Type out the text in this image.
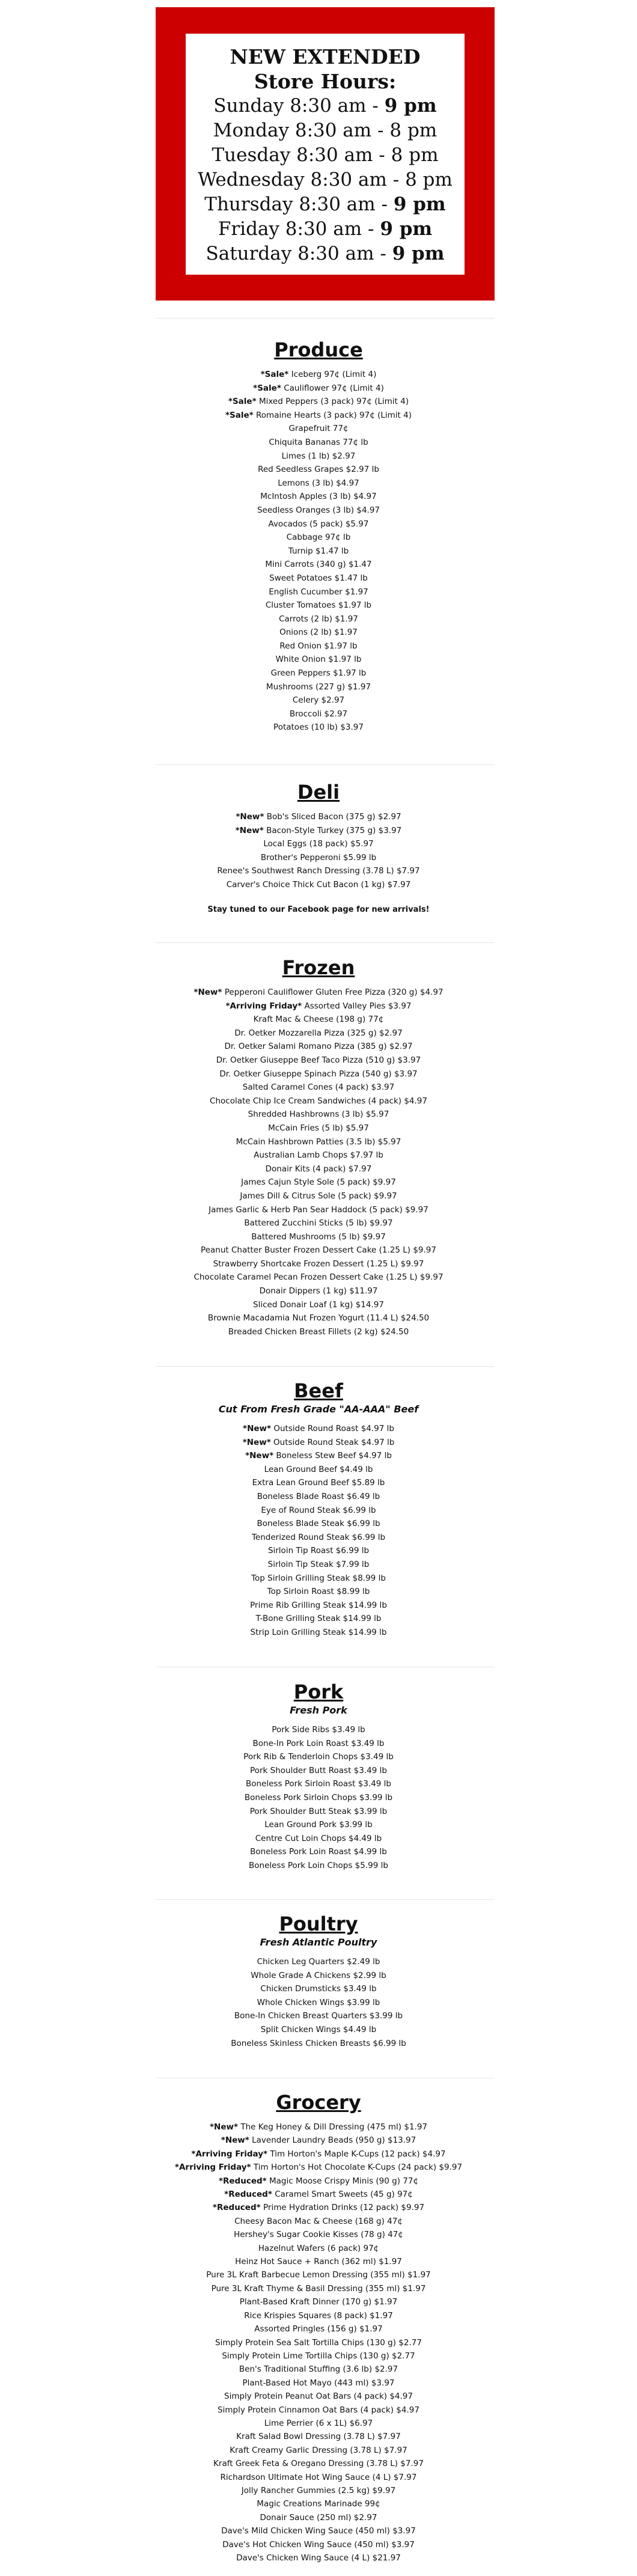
NEW EXTENDED
Store Hours:
Sunday 8:30 am - 9 pm
Monday 8:30 am - 8 pm
Tuesday 8:30 am - 8 pm
Wednesday 8:30 am - 8 pm
Thursday 8:30 am - 9 pm
Friday 8:30 am - 9 pm
Saturday 8:30 am - 9 pm
Produce
*Sale* Iceberg 97¢ (Limit 4)
*Sale* Cauliflower 97¢ (Limit 4)
*Sale* Mixed Peppers (3 pack) 97¢ (Limit 4)
*Sale* Romaine Hearts (3 pack) 97¢ (Limit 4)
Grapefruit 77¢
Chiquita Bananas 77¢ lb
Limes (1 lb) $2.97
Red Seedless Grapes $2.97 lb
Lemons (3 lb) $4.97
McIntosh Apples (3 lb) $4.97
Seedless Oranges (3 lb) $4.97
Avocados (5 pack) $5.97
Cabbage 97¢ lb
Turnip $1.47 lb
Mini Carrots (340 g) $1.47
Sweet Potatoes $1.47 lb
English Cucumber $1.97
Cluster Tomatoes $1.97 lb
Carrots (2 lb) $1.97
Onions (2 lb) $1.97
Red Onion $1.97 lb
White Onion $1.97 lb
Green Peppers $1.97 lb
Mushrooms (227 g) $1.97
Celery $2.97
Broccoli $2.97
Potatoes (10 lb) $3.97
Deli
*New* Bob's Sliced Bacon (375 g) $2.97
*New* Bacon-Style Turkey (375 g) $3.97
Local Eggs (18 pack) $5.97
Brother's Pepperoni $5.99 lb
Renee's Southwest Ranch Dressing (3.78 L) $7.97
Carver's Choice Thick Cut Bacon (1 kg) $7.97
Stay tuned to our Facebook page for new arrivals!
Frozen
*New* Pepperoni Cauliflower Gluten Free Pizza (320 g) $4.97
*Arriving Friday* Assorted Valley Pies $3.97
Kraft Mac & Cheese (198 g) 77¢
Dr. Oetker Mozzarella Pizza (325 g) $2.97
Dr. Oetker Salami Romano Pizza (385 g) $2.97
Dr. Oetker Giuseppe Beef Taco Pizza (510 g) $3.97
Dr. Oetker Giuseppe Spinach Pizza (540 g) $3.97
Salted Caramel Cones (4 pack) $3.97
Chocolate Chip Ice Cream Sandwiches (4 pack) $4.97
Shredded Hashbrowns (3 lb) $5.97
McCain Fries (5 lb) $5.97
McCain Hashbrown Patties (3.5 lb) $5.97
Australian Lamb Chops $7.97 lb
Donair Kits (4 pack) $7.97
James Cajun Style Sole (5 pack) $9.97
James Dill & Citrus Sole (5 pack) $9.97
James Garlic & Herb Pan Sear Haddock (5 pack) $9.97
Battered Zucchini Sticks (5 lb) $9.97
Battered Mushrooms (5 lb) $9.97
Peanut Chatter Buster Frozen Dessert Cake (1.25 L) $9.97
Strawberry Shortcake Frozen Dessert (1.25 L) $9.97
Chocolate Caramel Pecan Frozen Dessert Cake (1.25 L) $9.97
Donair Dippers (1 kg) $11.97
Sliced Donair Loaf (1 kg) $14.97
Brownie Macadamia Nut Frozen Yogurt (11.4 L) $24.50
Breaded Chicken Breast Fillets (2 kg) $24.50
Beef
Cut From Fresh Grade "AA-AAA" Beef
*New* Outside Round Roast $4.97 lb
*New* Outside Round Steak $4.97 lb
*New* Boneless Stew Beef $4.97 lb
Lean Ground Beef $4.49 lb
Extra Lean Ground Beef $5.89 lb
Boneless Blade Roast $6.49 lb
Eye of Round Steak $6.99 lb
Boneless Blade Steak $6.99 lb
Tenderized Round Steak $6.99 lb
Sirloin Tip Roast $6.99 lb
Sirloin Tip Steak $7.99 lb
Top Sirloin Grilling Steak $8.99 lb
Top Sirloin Roast $8.99 lb
Prime Rib Grilling Steak $14.99 lb
T-Bone Grilling Steak $14.99 lb
Strip Loin Grilling Steak $14.99 lb
Pork
Fresh Pork
Pork Side Ribs $3.49 lb
Bone-In Pork Loin Roast $3.49 lb
Pork Rib & Tenderloin Chops $3.49 lb
Pork Shoulder Butt Roast $3.49 lb
Boneless Pork Sirloin Roast $3.49 lb
Boneless Pork Sirloin Chops $3.99 lb
Pork Shoulder Butt Steak $3.99 lb
Lean Ground Pork $3.99 lb
Centre Cut Loin Chops $4.49 lb
Boneless Pork Loin Roast $4.99 lb
Boneless Pork Loin Chops $5.99 lb
Poultry
Fresh Atlantic Poultry
Chicken Leg Quarters $2.49 lb
Whole Grade A Chickens $2.99 lb
Chicken Drumsticks $3.49 lb
Whole Chicken Wings $3.99 lb
Bone-In Chicken Breast Quarters $3.99 lb
Split Chicken Wings $4.49 lb
Boneless Skinless Chicken Breasts $6.99 lb
Grocery
*New* The Keg Honey & Dill Dressing (475 ml) $1.97
*New* Lavender Laundry Beads (950 g) $13.97
*Arriving Friday* Tim Horton's Maple K-Cups (12 pack) $4.97
*Arriving Friday* Tim Horton's Hot Chocolate K-Cups (24 pack) $9.97
*Reduced* Magic Moose Crispy Minis (90 g) 77¢
*Reduced* Caramel Smart Sweets (45 g) 97¢
*Reduced* Prime Hydration Drinks (12 pack) $9.97
Cheesy Bacon Mac & Cheese (168 g) 47¢
Hershey's Sugar Cookie Kisses (78 g) 47¢
Hazelnut Wafers (6 pack) 97¢
Heinz Hot Sauce + Ranch (362 ml) $1.97
Pure 3L Kraft Barbecue Lemon Dressing (355 ml) $1.97
Pure 3L Kraft Thyme & Basil Dressing (355 ml) $1.97
Plant-Based Kraft Dinner (170 g) $1.97
Rice Krispies Squares (8 pack) $1.97
Assorted Pringles (156 g) $1.97
Simply Protein Sea Salt Tortilla Chips (130 g) $2.77
Simply Protein Lime Tortilla Chips (130 g) $2.77
Ben's Traditional Stuffing (3.6 lb) $2.97
Plant-Based Hot Mayo (443 ml) $3.97
Simply Protein Peanut Oat Bars (4 pack) $4.97
Simply Protein Cinnamon Oat Bars (4 pack) $4.97
Lime Perrier (6 x 1L) $6.97
Kraft Salad Bowl Dressing (3.78 L) $7.97
Kraft Creamy Garlic Dressing (3.78 L) $7.97
Kraft Greek Feta & Oregano Dressing (3.78 L) $7.97
Richardson Ultimate Hot Wing Sauce (4 L) $7.97
Jolly Rancher Gummies (2.5 kg) $9.97
Magic Creations Marinade 99¢
Donair Sauce (250 ml) $2.97
Dave's Mild Chicken Wing Sauce (450 ml) $3.97
Dave's Hot Chicken Wing Sauce (450 ml) $3.97
Dave's Chicken Wing Sauce (4 L) $21.97
